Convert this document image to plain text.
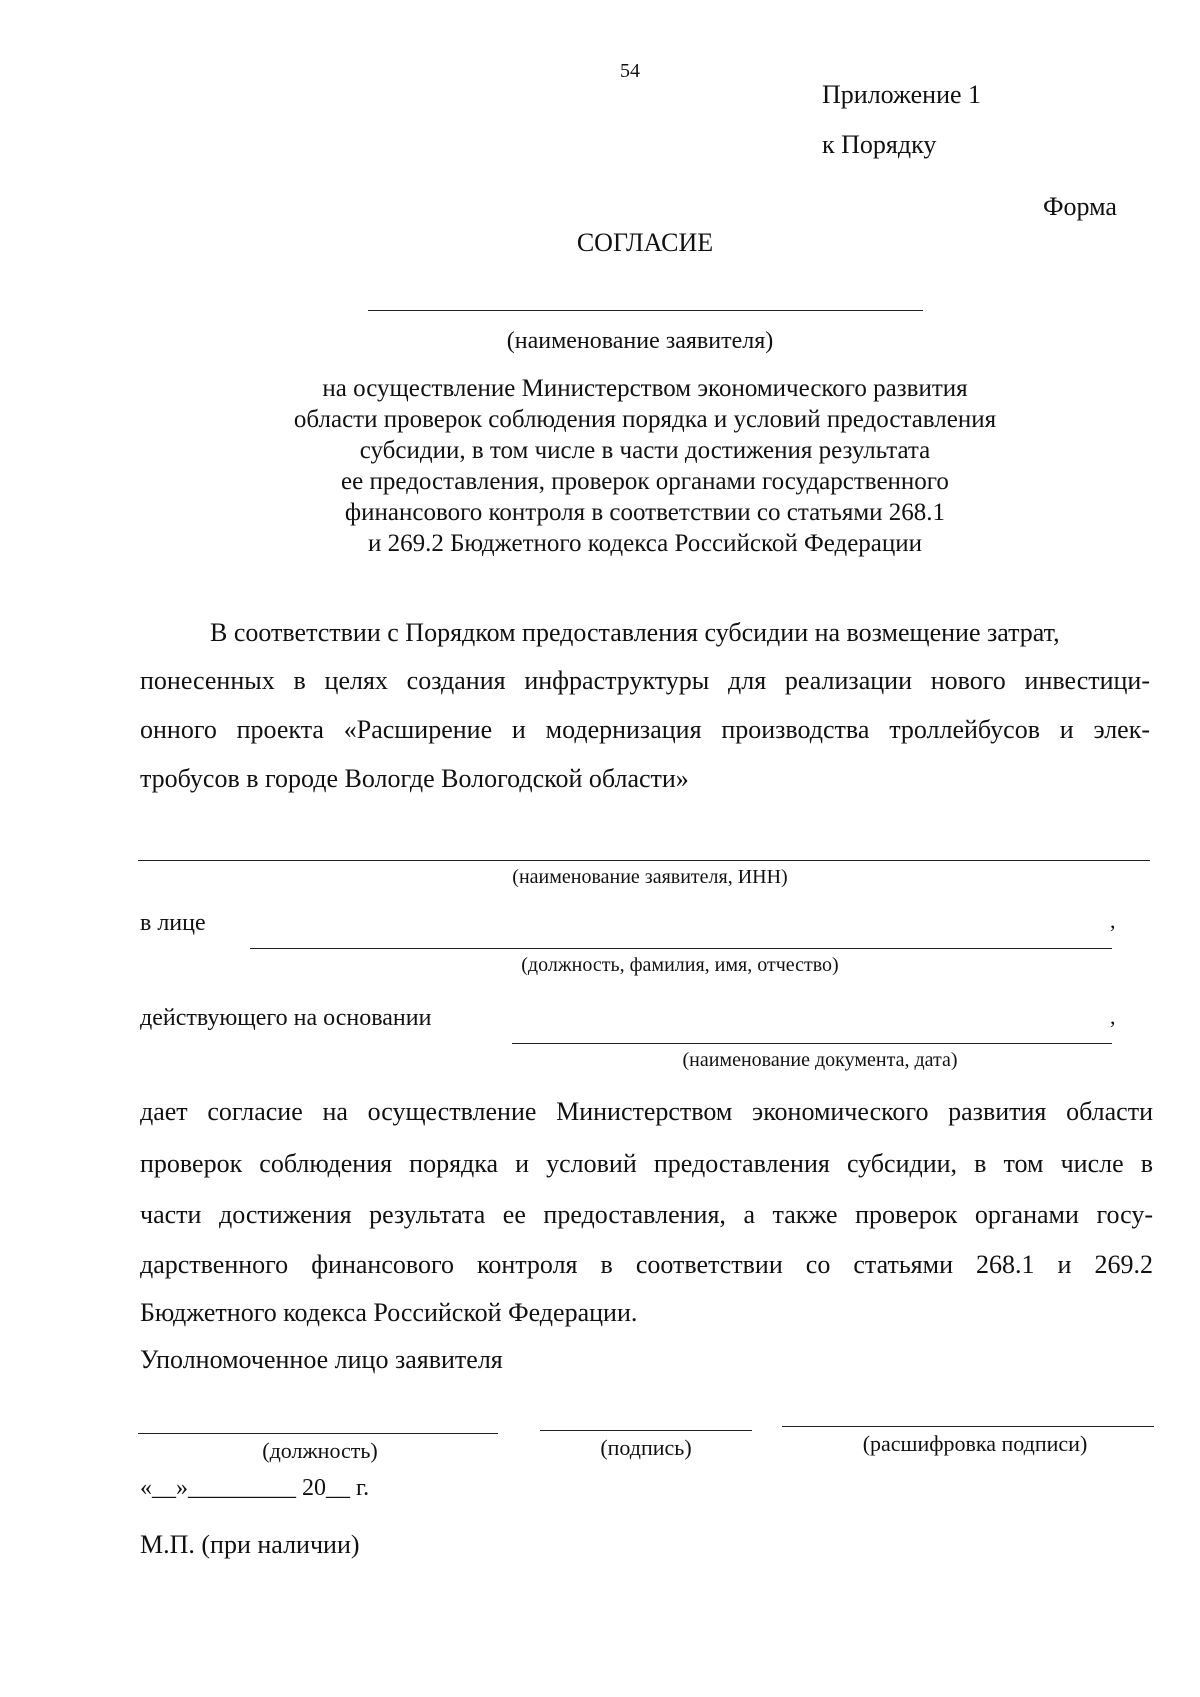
54
Приложение 1
к Порядку
Форма
СОГЛАСИЕ
(наименование заявителя)
на осуществление Министерством экономического развития
области проверок соблюдения порядка и условий предоставления
субсидии, в том числе в части достижения результата
ее предоставления, проверок органами государственного
финансового контроля в соответствии со статьями 268.1
и 269.2 Бюджетного кодекса Российской Федерации
В соответствии с Порядком предоставления субсидии на возмещение затрат,
понесенных в целях создания инфраструктуры для реализации нового инвестици-
онного проекта «Расширение и модернизация производства троллейбусов и элек-
тробусов в городе Вологде Вологодской области»
(наименование заявителя, ИНН)
в лице	,
(должность, фамилия, имя, отчество)
действующего на основании	,
(наименование документа, дата)
дает согласие на осуществление Министерством экономического развития области
проверок соблюдения порядка и условий предоставления субсидии, в том числе в
части достижения результата ее предоставления, а также проверок органами госу-
дарственного финансового контроля в соответствии со статьями 268.1 и 269.2
Бюджетного кодекса Российской Федерации.
Уполномоченное лицо заявителя
(должность)	(подпись)	(расшифровка подписи)
«__»_________ 20__ г.
М.П. (при наличии)
